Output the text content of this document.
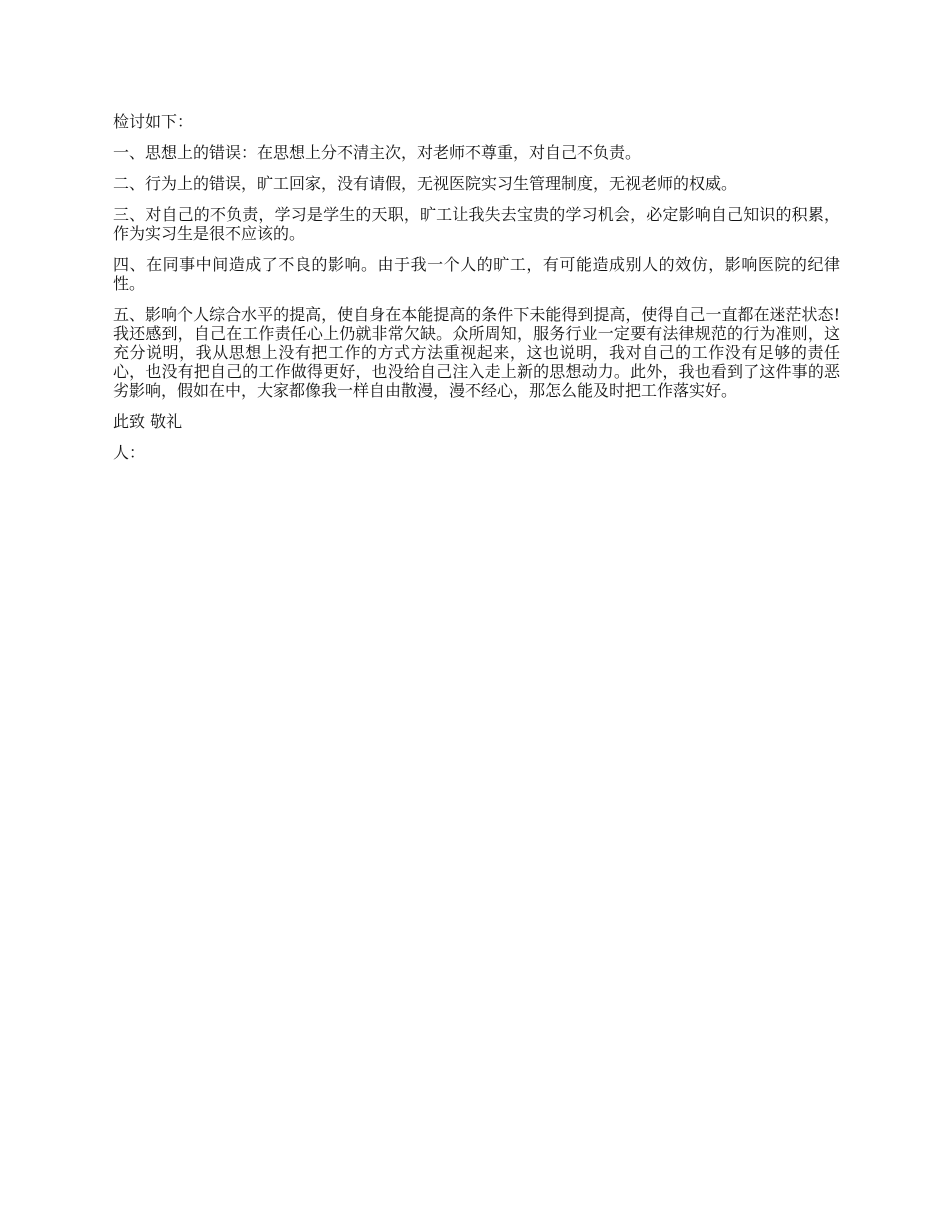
检讨如下：

一、思想上的错误：在思想上分不清主次，对老师不尊重，对自己不负责。

二、行为上的错误，旷工回家，没有请假，无视医院实习生管理制度，无视老师的权威。

三、对自己的不负责，学习是学生的天职，旷工让我失去宝贵的学习机会，必定影响自己知识的积累，作为实习生是很不应该的。

四、在同事中间造成了不良的影响。由于我一个人的旷工，有可能造成别人的效仿，影响医院的纪律性。

五、影响个人综合水平的提高，使自身在本能提高的条件下未能得到提高，使得自己一直都在迷茫状态!我还感到，自己在工作责任心上仍就非常欠缺。众所周知，服务行业一定要有法律规范的行为准则，这充分说明，我从思想上没有把工作的方式方法重视起来，这也说明，我对自己的工作没有足够的责任心，也没有把自己的工作做得更好，也没给自己注入走上新的思想动力。此外，我也看到了这件事的恶劣影响，假如在中，大家都像我一样自由散漫，漫不经心，那怎么能及时把工作落实好。

此致 敬礼

人：
